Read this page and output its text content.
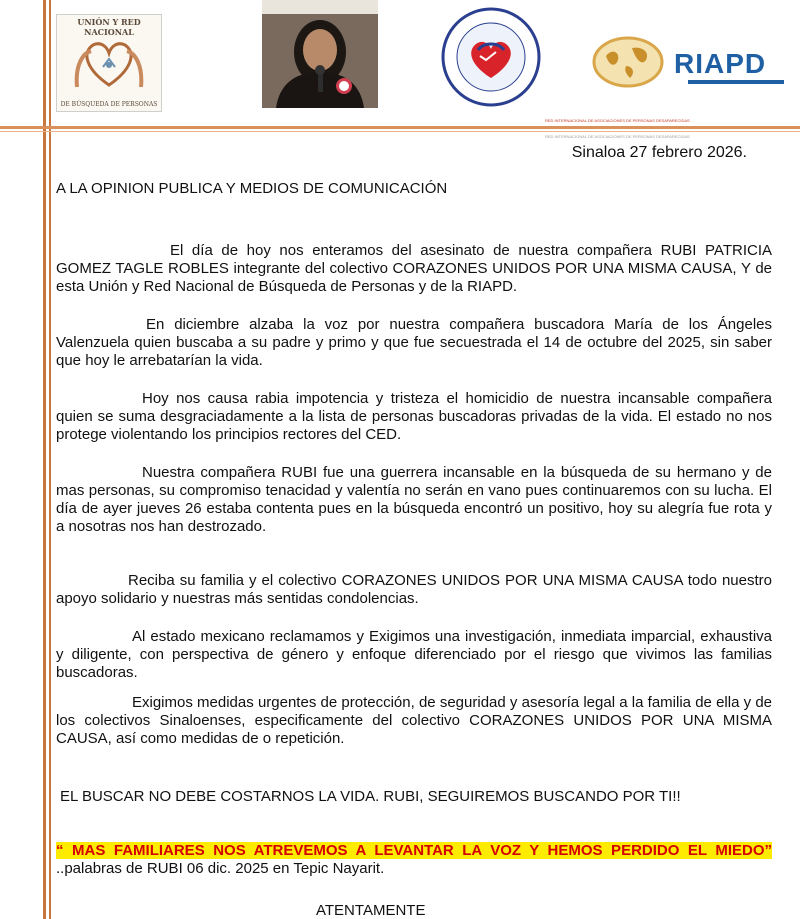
UNIÓN Y RED NACIONAL
DE BÚSQUEDA DE PERSONAS
RIAPD
RED INTERNACIONAL DE ASOCIACIONES DE PERSONAS DESAPARECIDAS
RED INTERNACIONAL DE ASOCIACIONES DE PERSONAS DESAPARECIDAS
Sinaloa 27 febrero 2026.
A LA OPINION PUBLICA Y MEDIOS DE COMUNICACIÓN
El día de hoy nos enteramos del asesinato de nuestra compañera RUBI PATRICIA GOMEZ TAGLE ROBLES integrante del colectivo CORAZONES UNIDOS POR UNA MISMA CAUSA, Y de esta Unión y Red Nacional de Búsqueda de Personas y de la RIAPD.
En diciembre alzaba la voz por nuestra compañera buscadora María de los Ángeles Valenzuela quien buscaba a su padre y primo y que fue secuestrada el 14 de octubre del 2025, sin saber que hoy le arrebatarían la vida.
Hoy nos causa rabia impotencia y tristeza el homicidio de nuestra incansable compañera quien se suma desgraciadamente a la lista de personas buscadoras privadas de la vida. El estado no nos protege violentando los principios rectores del CED.
Nuestra compañera RUBI fue una guerrera incansable en la búsqueda de su hermano y de mas personas, su compromiso tenacidad y valentía no serán en vano pues continuaremos con su lucha. El día de ayer jueves 26 estaba contenta pues en la búsqueda encontró un positivo, hoy su alegría fue rota y a nosotras nos han destrozado.
Reciba su familia y el colectivo CORAZONES UNIDOS POR UNA MISMA CAUSA todo nuestro apoyo solidario y nuestras más sentidas condolencias.
Al estado mexicano reclamamos y Exigimos una investigación, inmediata imparcial, exhaustiva y diligente, con perspectiva de género y enfoque diferenciado por el riesgo que vivimos las familias buscadoras.
Exigimos medidas urgentes de protección, de seguridad y asesoría legal a la familia de ella y de los colectivos Sinaloenses, especificamente del colectivo CORAZONES UNIDOS POR UNA MISMA CAUSA, así como medidas de o repetición.
EL BUSCAR NO DEBE COSTARNOS LA VIDA. RUBI, SEGUIREMOS BUSCANDO POR TI!!
“ MAS FAMILIARES NOS ATREVEMOS A LEVANTAR LA VOZ Y HEMOS PERDIDO EL MIEDO” ..palabras de RUBI 06 dic. 2025 en Tepic Nayarit.
ATENTAMENTE
